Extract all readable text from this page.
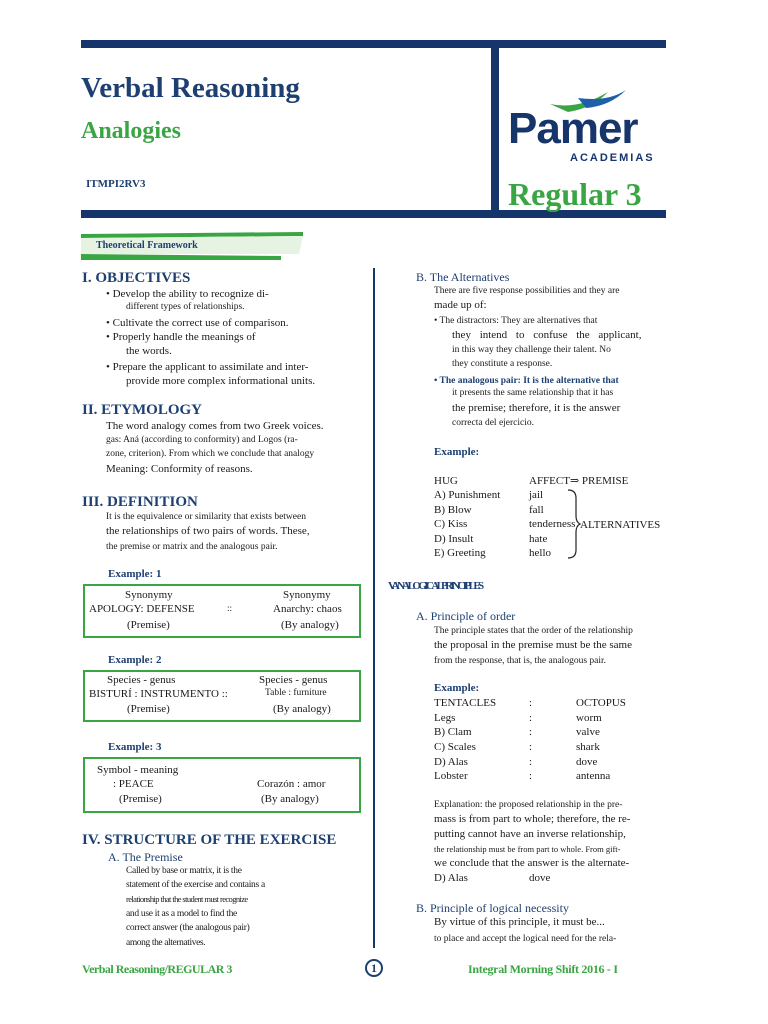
Verbal Reasoning
Analogies
ITMPI2RV3
Pamer
ACADEMIAS
Regular 3
Theoretical Framework
I. OBJECTIVES
• Develop the ability to recognize di-
different types of relationships.
• Cultivate the correct use of comparison.
• Properly handle the meanings of
the words.
• Prepare the applicant to assimilate and inter-
provide more complex informational units.
II. ETYMOLOGY
The word analogy comes from two Greek voices.
gas: Aná (according to conformity) and Logos (ra-
zone, criterion). From which we conclude that analogy
Meaning: Conformity of reasons.
III. DEFINITION
It is the equivalence or similarity that exists between
the relationships of two pairs of words. These,
the premise or matrix and the analogous pair.
Example: 1
Synonymy	Synonymy
APOLOGY: DEFENSE	::	Anarchy: chaos
(Premise)	(By analogy)
Example: 2
Species - genus	Species - genus
BISTURÍ : INSTRUMENTO ::	Table : furniture
(Premise)	(By analogy)
Example: 3
Symbol - meaning
: PEACE	Corazón : amor
(Premise)	(By analogy)
IV. STRUCTURE OF THE EXERCISE
A. The Premise
Called by base or matrix, it is the
statement of the exercise and contains a
relationship that the student must recognize
and use it as a model to find the
correct answer (the analogous pair)
among the alternatives.
B. The Alternatives
There are five response possibilities and they are
made up of:
• The distractors: They are alternatives that
they intend to confuse the applicant,
in this way they challenge their talent. No
they constitute a response.
• The analogous pair: It is the alternative that
it presents the same relationship that it has
the premise; therefore, it is the answer
correcta del ejercicio.
Example:
HUG	AFFECT⇒ PREMISE
A) Punishment	jail
B) Blow	fall
C) Kiss	tenderness
D) Insult	hate
E) Greeting	hello
ALTERNATIVES
V. ANALOGICAL PRINCIPLES
A. Principle of order
The principle states that the order of the relationship
the proposal in the premise must be the same
from the response, that is, the analogous pair.
Example:
TENTACLES	:	OCTOPUS
Legs	:	worm
B) Clam	:	valve
C) Scales	:	shark
D) Alas	:	dove
Lobster	:	antenna
Explanation: the proposed relationship in the pre-
mass is from part to whole; therefore, the re-
putting cannot have an inverse relationship,
the relationship must be from part to whole. From gift-
we conclude that the answer is the alternate-
D) Alas	dove
B. Principle of logical necessity
By virtue of this principle, it must be...
to place and accept the logical need for the rela-
Verbal Reasoning/REGULAR 3	1	Integral Morning Shift 2016 - I
